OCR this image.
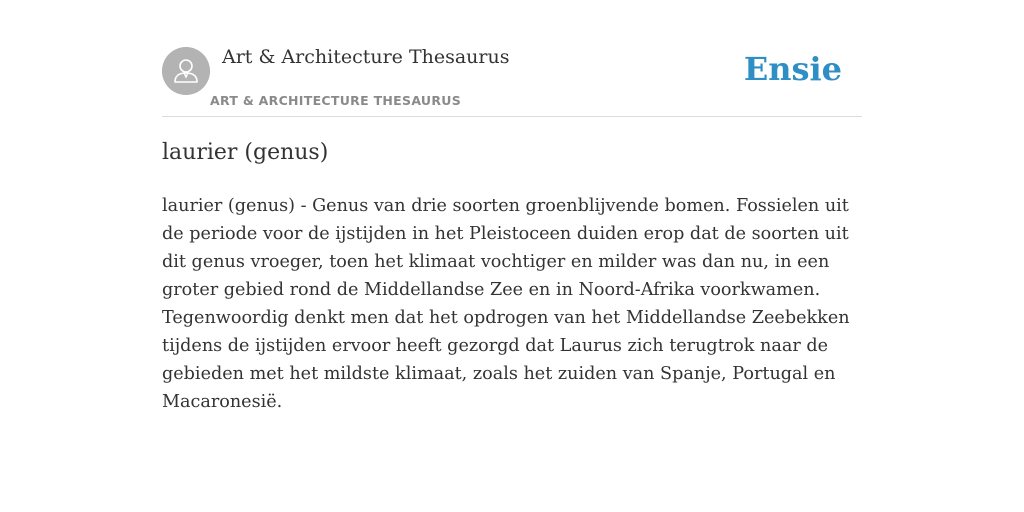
Art & Architecture Thesaurus
ART & ARCHITECTURE THESAURUS
Ensie
laurier (genus)

laurier (genus) - Genus van drie soorten groenblijvende bomen. Fossielen uit de periode voor de ijstijden in het Pleistoceen duiden erop dat de soorten uit dit genus vroeger, toen het klimaat vochtiger en milder was dan nu, in een groter gebied rond de Middellandse Zee en in Noord-Afrika voorkwamen. Tegenwoordig denkt men dat het opdrogen van het Middellandse Zeebekken tijdens de ijstijden ervoor heeft gezorgd dat Laurus zich terugtrok naar de gebieden met het mildste klimaat, zoals het zuiden van Spanje, Portugal en Macaronesië.
